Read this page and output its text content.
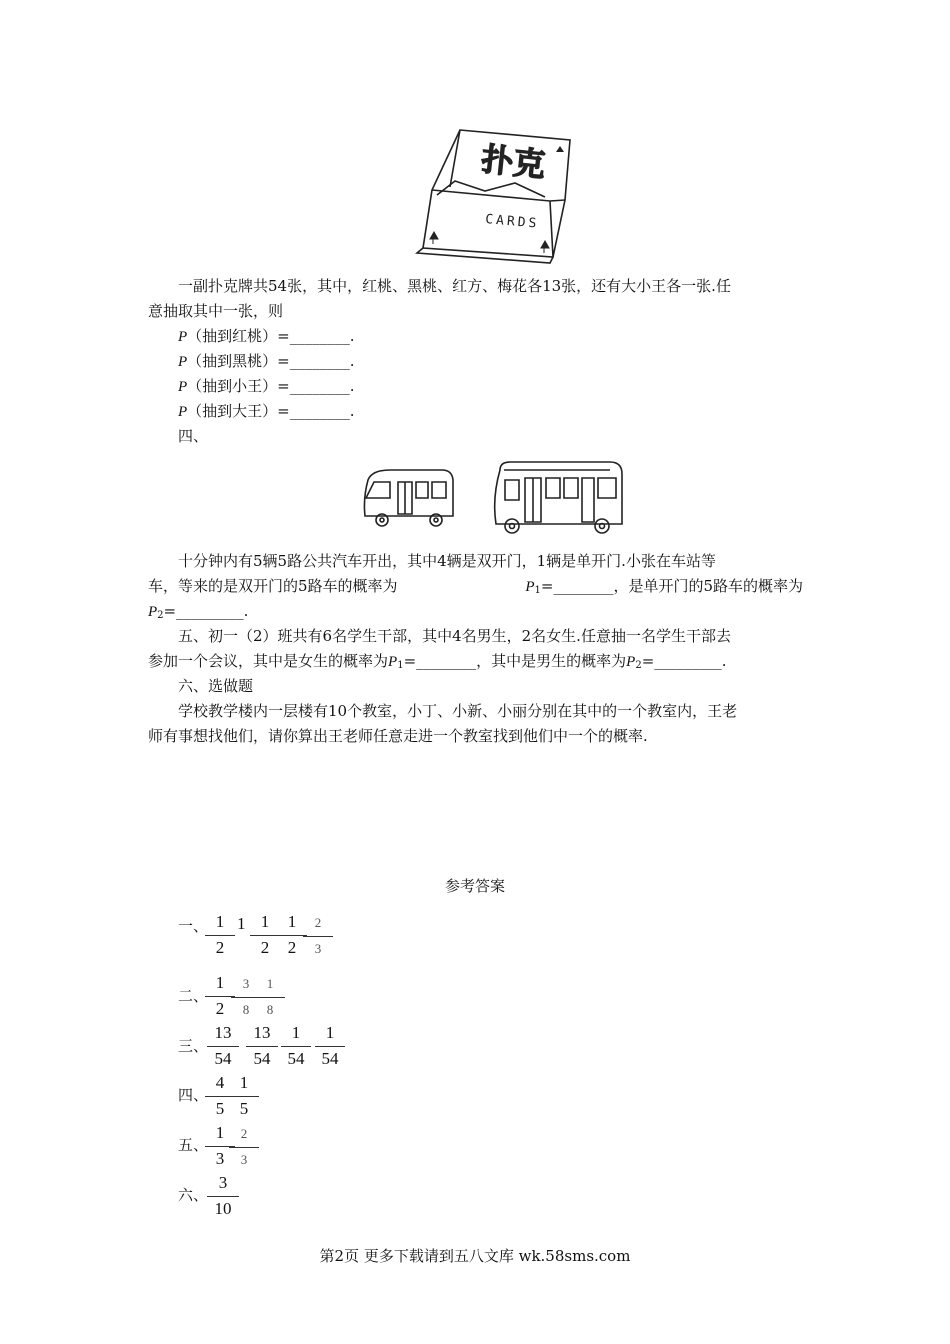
扑克
CARDS
一副扑克牌共54张，其中，红桃、黑桃、红方、梅花各13张，还有大小王各一张.任
意抽取其中一张，则
P（抽到红桃）=________.
P（抽到黑桃）=________.
P（抽到小王）=________.
P（抽到大王）=________.
四、
十分钟内有5辆5路公共汽车开出，其中4辆是双开门，1辆是单开门.小张在车站等
车，等来的是双开门的5路车的概率为	$P_1=\_\_\_\_\_\_\_\_$，是单开门的5路车的概率为
$P_2=\_\_\_\_\_\_\_\_\_$.
五、初一（2）班共有6名学生干部，其中4名男生，2名女生.任意抽一名学生干部去
参加一个会议，其中是女生的概率为$P_1=\_\_\_\_\_\_\_\_$，其中是男生的概率为$P_2=\_\_\_\_\_\_\_\_\_$.
六、选做题
学校教学楼内一层楼有10个教室，小丁、小新、小丽分别在其中的一个教室内，王老
师有事想找他们，请你算出王老师任意走进一个教室找到他们中一个的概率.
参考答案
一、
$\frac{1}{2} 1 \frac{1}{2}$
$\frac{1}{2}$
$\frac{2}{3}$
二、
$\frac{1}{2}$
$\frac{3}{8}$
$\frac{1}{8}$
三、
$\frac{13}{54} \frac{13}{54} \frac{1}{54} \frac{1}{54}$
四、
$\frac{4}{5}$
$\frac{1}{5}$
五、
$\frac{1}{3}$
$\frac{2}{3}$
六、
$\frac{3}{10}$
第2页 更多下载请到五八文库 wk.58sms.com
